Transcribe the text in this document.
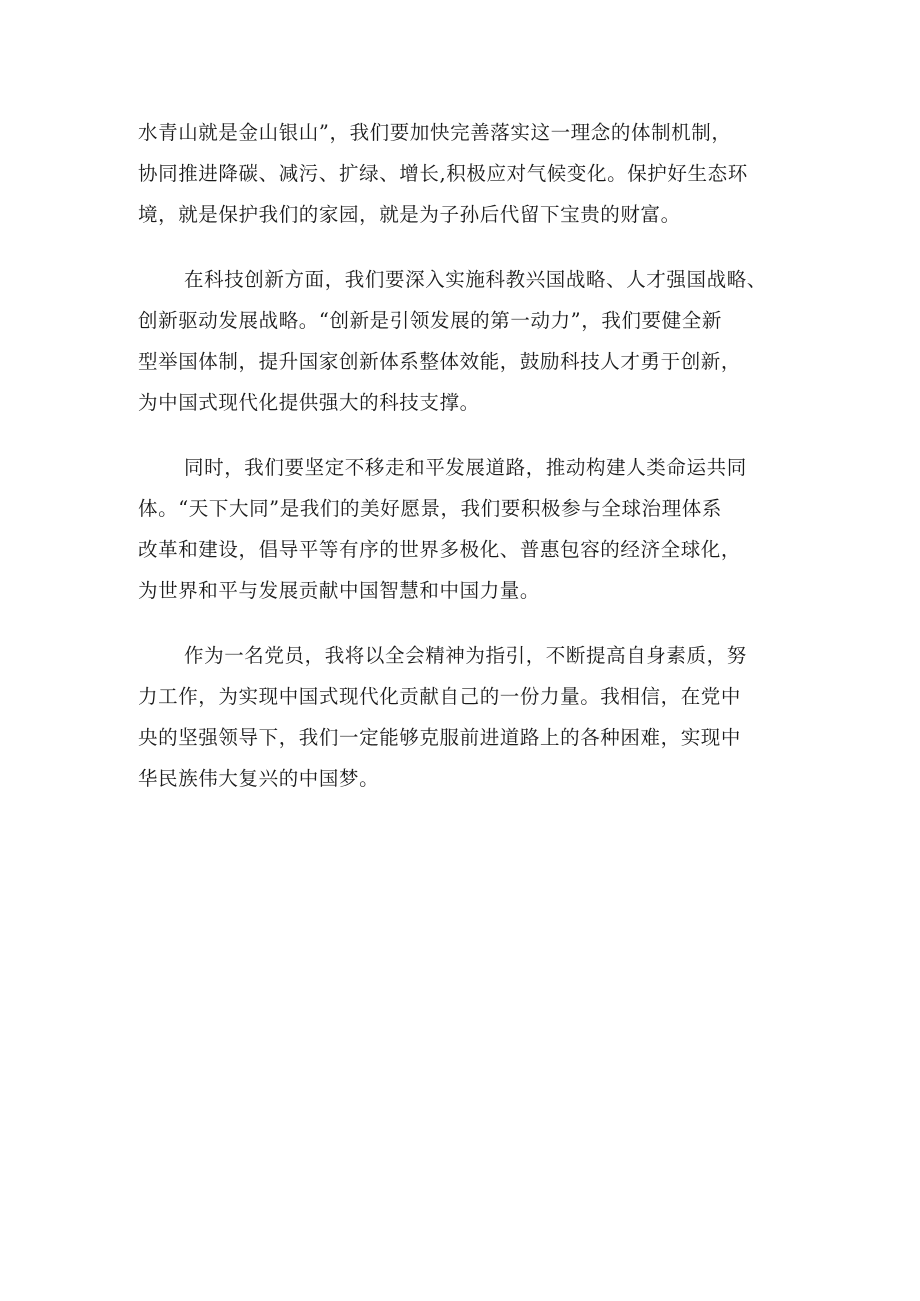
水青山就是金山银山”，我们要加快完善落实这一理念的体制机制，
协同推进降碳、减污、扩绿、增长,积极应对气候变化。保护好生态环
境，就是保护我们的家园，就是为子孙后代留下宝贵的财富。
在科技创新方面，我们要深入实施科教兴国战略、人才强国战略、
创新驱动发展战略。“创新是引领发展的第一动力”，我们要健全新
型举国体制，提升国家创新体系整体效能，鼓励科技人才勇于创新，
为中国式现代化提供强大的科技支撑。
同时，我们要坚定不移走和平发展道路，推动构建人类命运共同
体。“天下大同”是我们的美好愿景，我们要积极参与全球治理体系
改革和建设，倡导平等有序的世界多极化、普惠包容的经济全球化，
为世界和平与发展贡献中国智慧和中国力量。
作为一名党员，我将以全会精神为指引，不断提高自身素质，努
力工作，为实现中国式现代化贡献自己的一份力量。我相信，在党中
央的坚强领导下，我们一定能够克服前进道路上的各种困难，实现中
华民族伟大复兴的中国梦。
